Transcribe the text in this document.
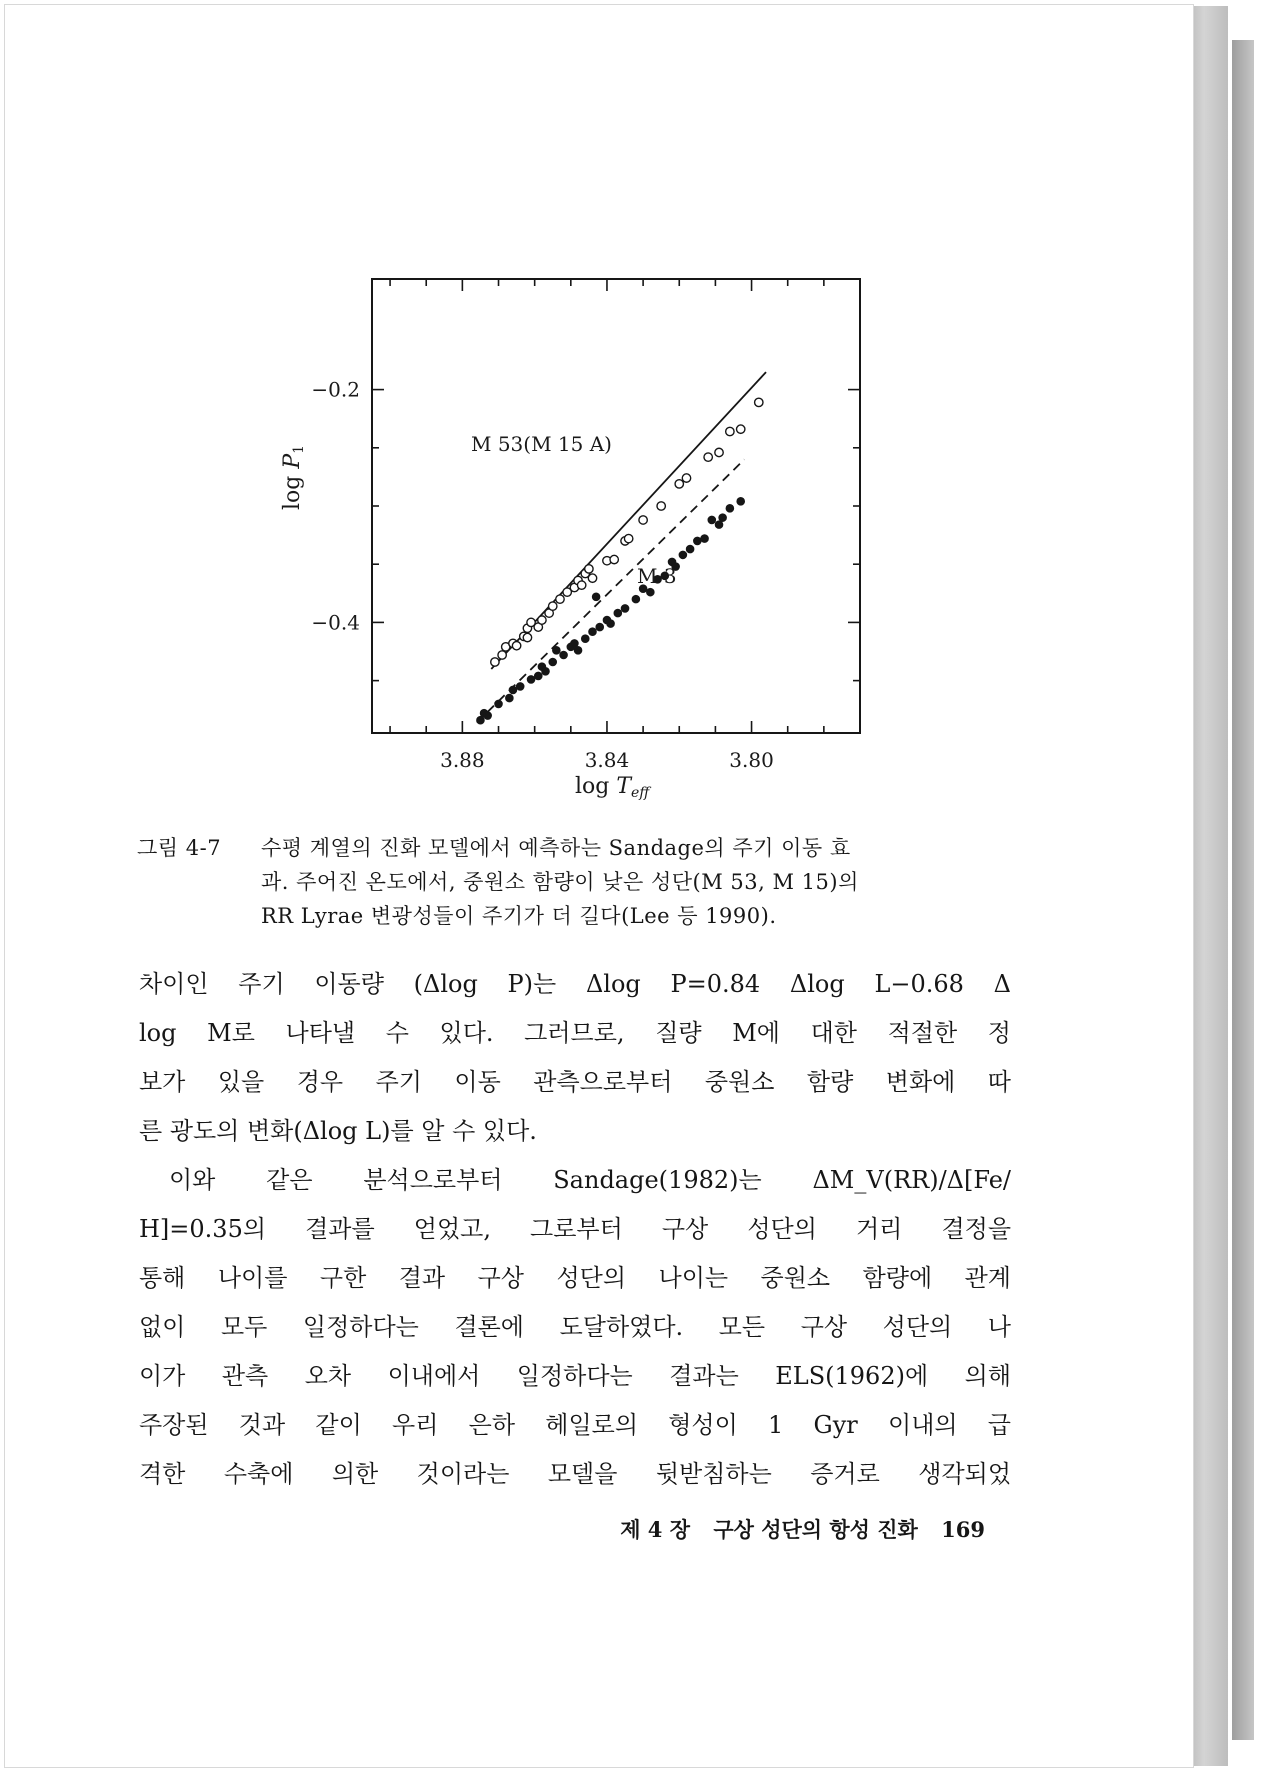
3.88	3.84	3.80
−0.2
−0.4
M 53(M 15 A)
M 3
log Teff
log P1
그림 4-7	수평 계열의 진화 모델에서 예측하는 Sandage의 주기 이동 효
과. 주어진 온도에서, 중원소 함량이 낮은 성단(M 53, M 15)의
RR Lyrae 변광성들이 주기가 더 길다(Lee 등 1990).
차이인 주기 이동량 (Δlog P)는 Δlog P=0.84 Δlog L−0.68 Δ
log M로 나타낼 수 있다. 그러므로, 질량 M에 대한 적절한 정
보가 있을 경우 주기 이동 관측으로부터 중원소 함량 변화에 따
른 광도의 변화(Δlog L)를 알 수 있다.
이와 같은 분석으로부터 Sandage(1982)는 ΔM_V(RR)/Δ[Fe/
H]=0.35의 결과를 얻었고, 그로부터 구상 성단의 거리 결정을
통해 나이를 구한 결과 구상 성단의 나이는 중원소 함량에 관계
없이 모두 일정하다는 결론에 도달하였다. 모든 구상 성단의 나
이가 관측 오차 이내에서 일정하다는 결과는 ELS(1962)에 의해
주장된 것과 같이 우리 은하 헤일로의 형성이 1 Gyr 이내의 급
격한 수축에 의한 것이라는 모델을 뒷받침하는 증거로 생각되었
제 4 장 구상 성단의 항성 진화 169
